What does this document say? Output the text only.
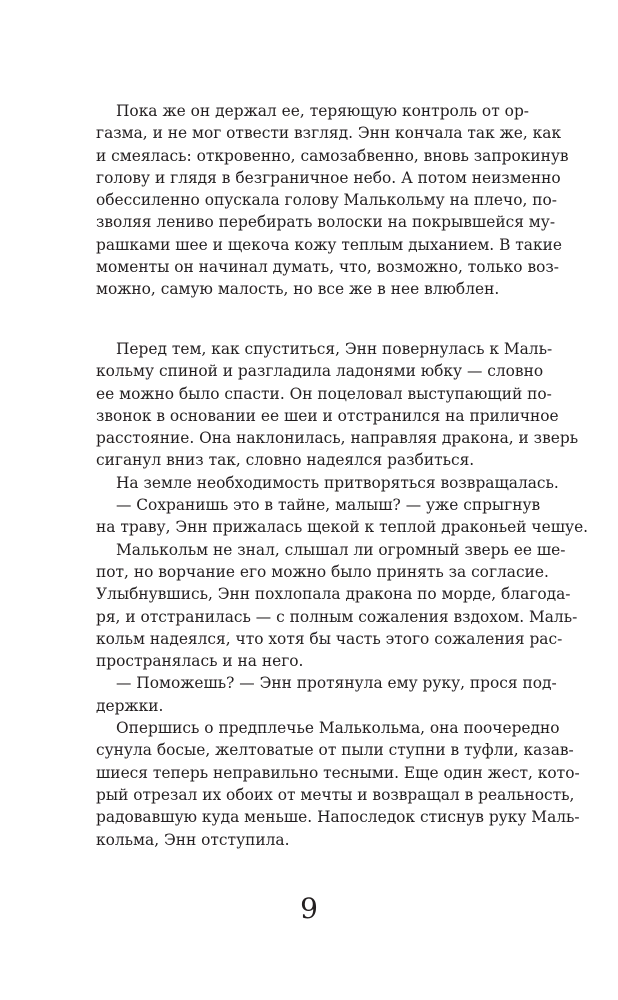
Пока же он держал ее, теряющую контроль от ор-
газма, и не мог отвести взгляд. Энн кончала так же, как
и смеялась: откровенно, самозабвенно, вновь запрокинув
голову и глядя в безграничное небо. А потом неизменно
обессиленно опускала голову Малькольму на плечо, по-
зволяя лениво перебирать волоски на покрывшейся му-
рашками шее и щекоча кожу теплым дыханием. В такие
моменты он начинал думать, что, возможно, только воз-
можно, самую малость, но все же в нее влюблен.
Перед тем, как спуститься, Энн повернулась к Маль-
кольму спиной и разгладила ладонями юбку — словно
ее можно было спасти. Он поцеловал выступающий по-
звонок в основании ее шеи и отстранился на приличное
расстояние. Она наклонилась, направляя дракона, и зверь
сиганул вниз так, словно надеялся разбиться.
На земле необходимость притворяться возвращалась.
— Сохранишь это в тайне, малыш? — уже спрыгнув
на траву, Энн прижалась щекой к теплой драконьей чешуе.
Малькольм не знал, слышал ли огромный зверь ее ше-
пот, но ворчание его можно было принять за согласие.
Улыбнувшись, Энн похлопала дракона по морде, благода-
ря, и отстранилась — с полным сожаления вздохом. Маль-
кольм надеялся, что хотя бы часть этого сожаления рас-
пространялась и на него.
— Поможешь? — Энн протянула ему руку, прося под-
держки.
Опершись о предплечье Малькольма, она поочередно
сунула босые, желтоватые от пыли ступни в туфли, казав-
шиеся теперь неправильно тесными. Еще один жест, кото-
рый отрезал их обоих от мечты и возвращал в реальность,
радовавшую куда меньше. Напоследок стиснув руку Маль-
кольма, Энн отступила.
9
